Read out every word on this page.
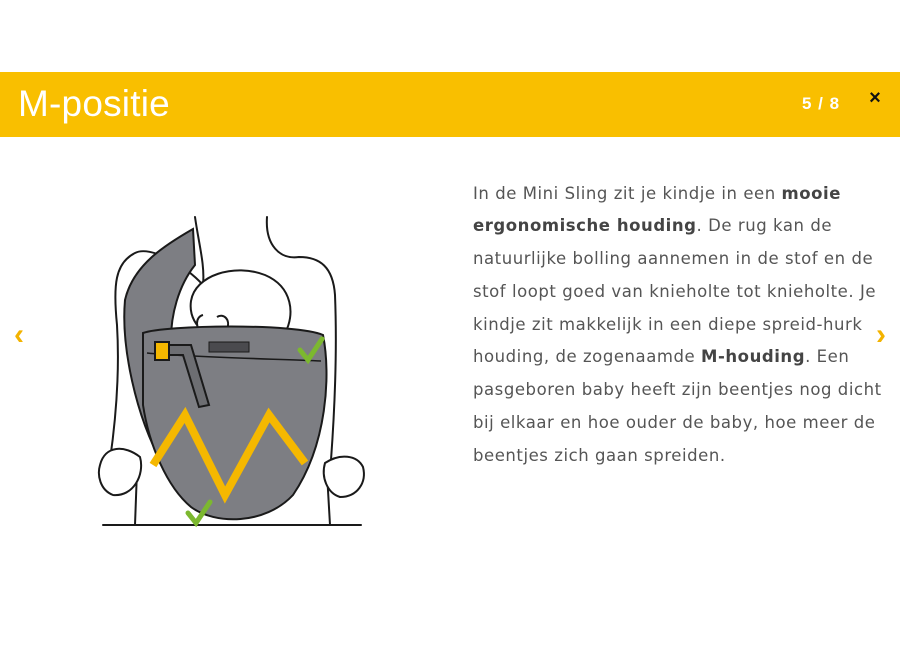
M-positie	5 / 8 ×
‹	›

In de Mini Sling zit je kindje in een mooie ergonomische houding. De rug kan de natuurlijke bolling aannemen in de stof en de stof loopt goed van knieholte tot knieholte. Je kindje zit makkelijk in een diepe spreid-hurk houding, de zogenaamde M-houding. Een pasgeboren baby heeft zijn beentjes nog dicht bij elkaar en hoe ouder de baby, hoe meer de beentjes zich gaan spreiden.
